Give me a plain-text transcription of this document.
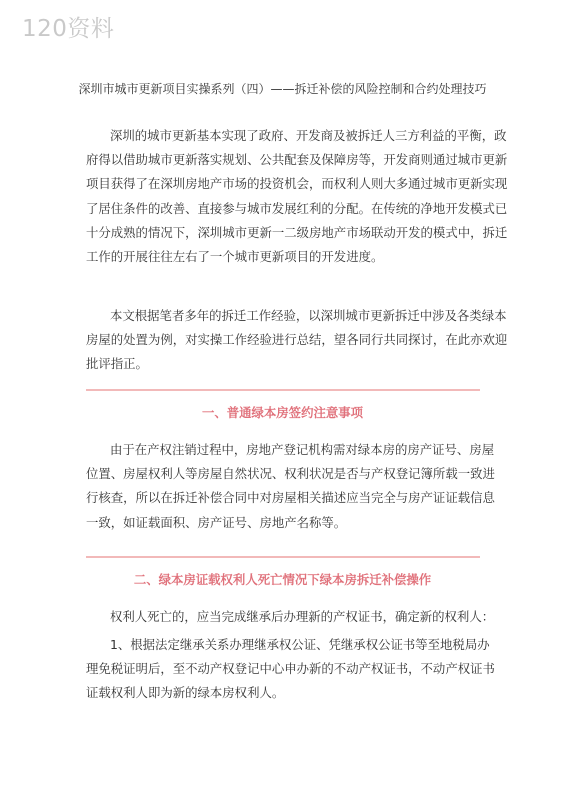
120资料
深圳市城市更新项目实操系列（四）——拆迁补偿的风险控制和合约处理技巧
深圳的城市更新基本实现了政府、开发商及被拆迁人三方利益的平衡，政
府得以借助城市更新落实规划、公共配套及保障房等，开发商则通过城市更新
项目获得了在深圳房地产市场的投资机会，而权利人则大多通过城市更新实现
了居住条件的改善、直接参与城市发展红利的分配。在传统的净地开发模式已
十分成熟的情况下，深圳城市更新一二级房地产市场联动开发的模式中，拆迁
工作的开展往往左右了一个城市更新项目的开发进度。
本文根据笔者多年的拆迁工作经验，以深圳城市更新拆迁中涉及各类绿本
房屋的处置为例，对实操工作经验进行总结，望各同行共同探讨，在此亦欢迎
批评指正。
一、普通绿本房签约注意事项
由于在产权注销过程中，房地产登记机构需对绿本房的房产证号、房屋
位置、房屋权利人等房屋自然状况、权利状况是否与产权登记簿所载一致进
行核查，所以在拆迁补偿合同中对房屋相关描述应当完全与房产证证载信息
一致，如证载面积、房产证号、房地产名称等。
二、绿本房证载权利人死亡情况下绿本房拆迁补偿操作
权利人死亡的，应当完成继承后办理新的产权证书，确定新的权利人：
1、根据法定继承关系办理继承权公证、凭继承权公证书等至地税局办
理免税证明后，至不动产权登记中心申办新的不动产权证书，不动产权证书
证载权利人即为新的绿本房权利人。
